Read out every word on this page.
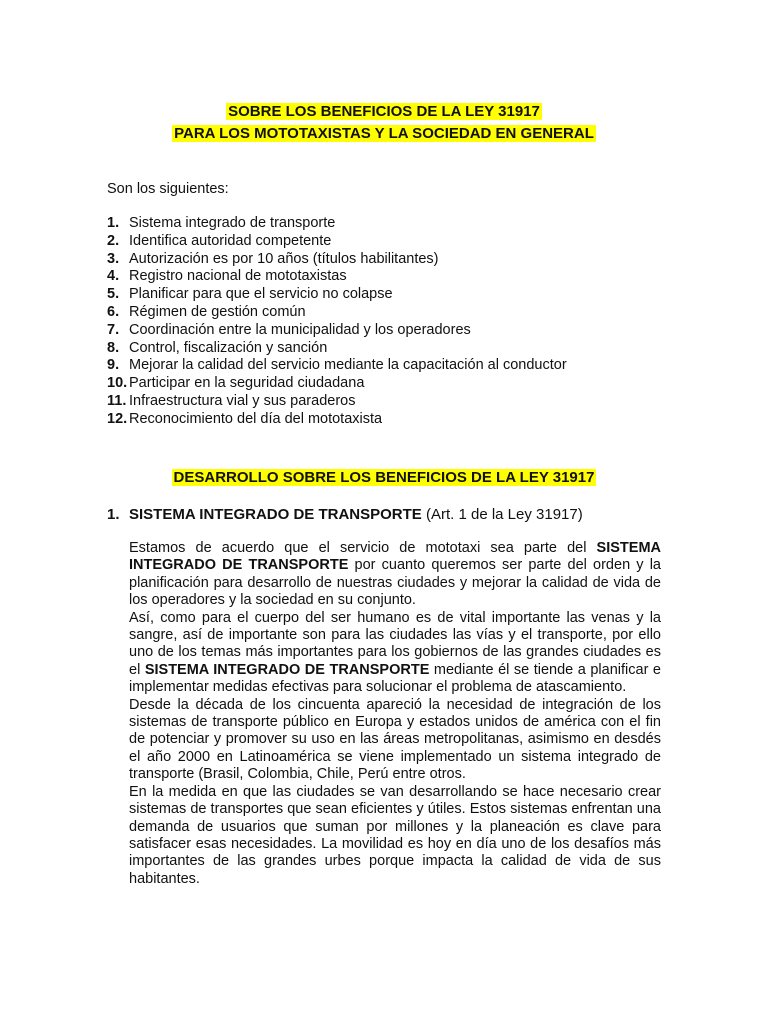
SOBRE LOS BENEFICIOS DE LA LEY 31917
PARA LOS MOTOTAXISTAS Y LA SOCIEDAD EN GENERAL
Son los siguientes:
1. Sistema integrado de transporte
2. Identifica autoridad competente
3. Autorización es por 10 años (títulos habilitantes)
4. Registro nacional de mototaxistas
5. Planificar para que el servicio no colapse
6. Régimen de gestión común
7. Coordinación entre la municipalidad y los operadores
8. Control, fiscalización y sanción
9. Mejorar la calidad del servicio mediante la capacitación al conductor
10. Participar en la seguridad ciudadana
11. Infraestructura vial y sus paraderos
12. Reconocimiento del día del mototaxista
DESARROLLO SOBRE LOS BENEFICIOS DE LA LEY 31917
1. SISTEMA INTEGRADO DE TRANSPORTE (Art. 1 de la Ley 31917)

Estamos de acuerdo que el servicio de mototaxi sea parte del SISTEMA INTEGRADO DE TRANSPORTE por cuanto queremos ser parte del orden y la planificación para desarrollo de nuestras ciudades y mejorar la calidad de vida de los operadores y la sociedad en su conjunto.

Así, como para el cuerpo del ser humano es de vital importante las venas y la sangre, así de importante son para las ciudades las vías y el transporte, por ello uno de los temas más importantes para los gobiernos de las grandes ciudades es el SISTEMA INTEGRADO DE TRANSPORTE mediante él se tiende a planificar e implementar medidas efectivas para solucionar el problema de atascamiento.

Desde la década de los cincuenta apareció la necesidad de integración de los sistemas de transporte público en Europa y estados unidos de américa con el fin de potenciar y promover su uso en las áreas metropolitanas, asimismo en desdés el año 2000 en Latinoamérica se viene implementado un sistema integrado de transporte (Brasil, Colombia, Chile, Perú entre otros.

En la medida en que las ciudades se van desarrollando se hace necesario crear sistemas de transportes que sean eficientes y útiles. Estos sistemas enfrentan una demanda de usuarios que suman por millones y la planeación es clave para satisfacer esas necesidades. La movilidad es hoy en día uno de los desafíos más importantes de las grandes urbes porque impacta la calidad de vida de sus habitantes.
